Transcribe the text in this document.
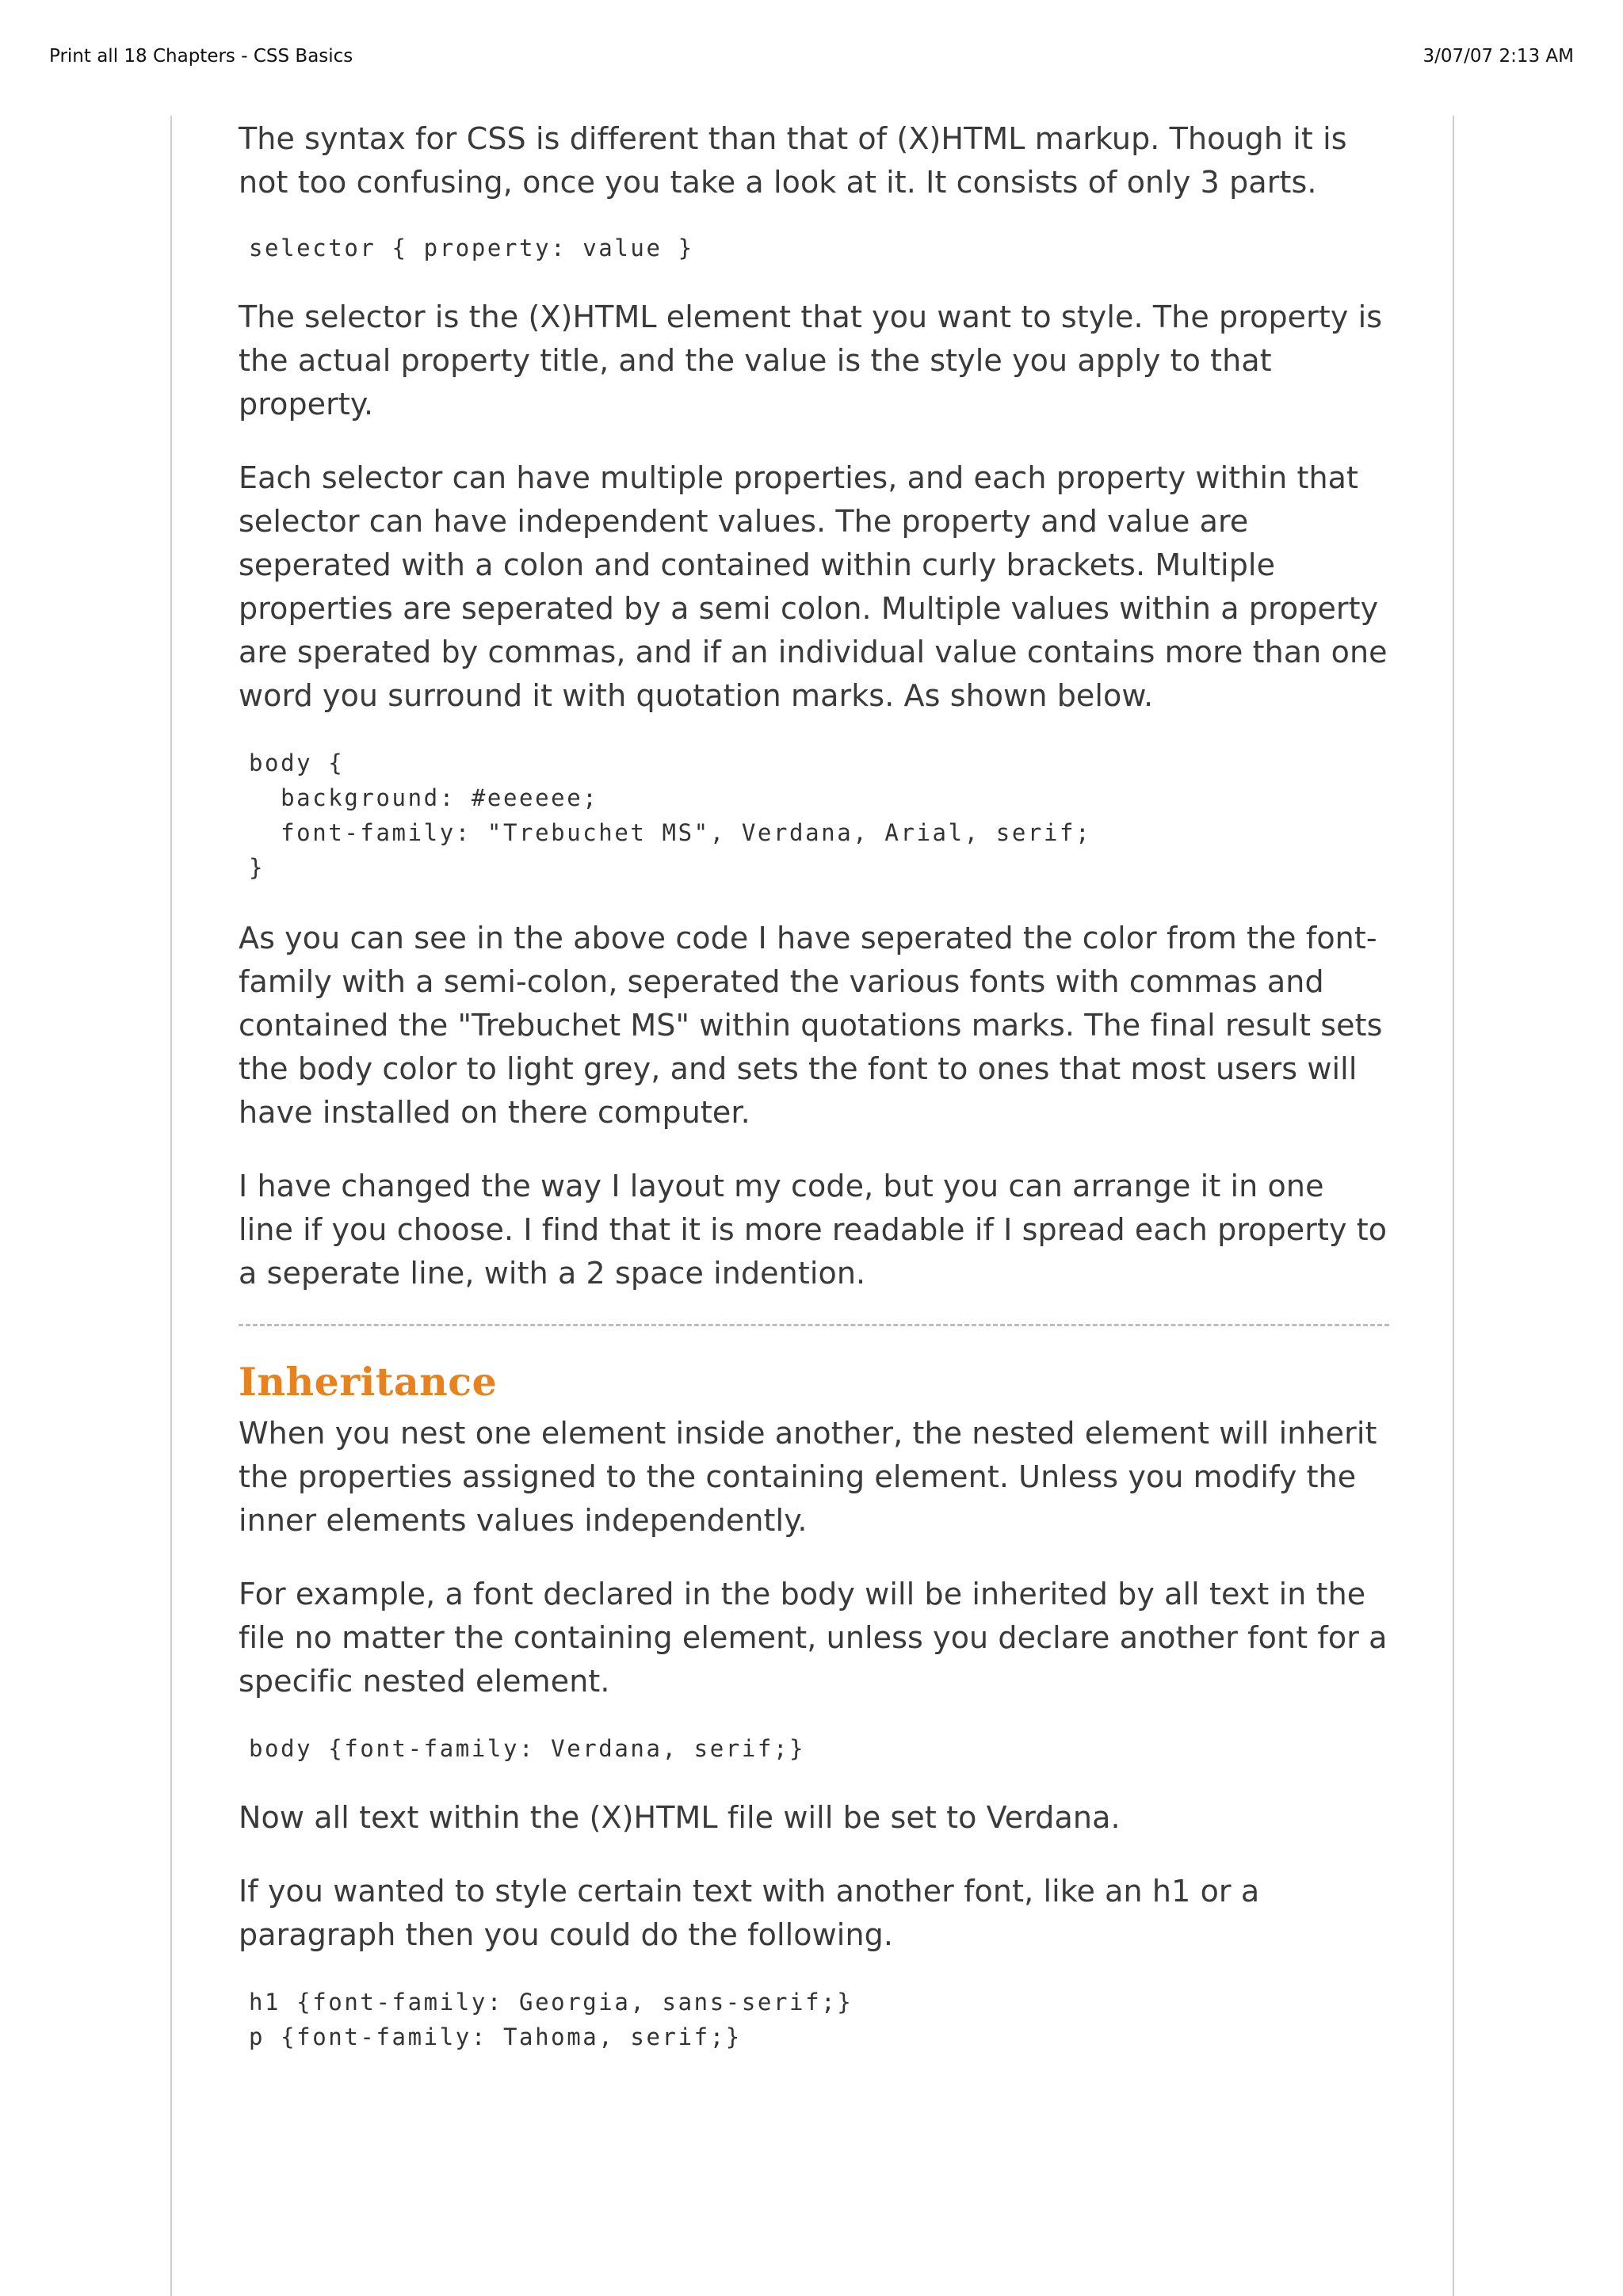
Print all 18 Chapters - CSS Basics	3/07/07 2:13 AM

The syntax for CSS is different than that of (X)HTML markup. Though it is not too confusing, once you take a look at it. It consists of only 3 parts.

selector { property: value }

The selector is the (X)HTML element that you want to style. The property is the actual property title, and the value is the style you apply to that property.

Each selector can have multiple properties, and each property within that selector can have independent values. The property and value are seperated with a colon and contained within curly brackets. Multiple properties are seperated by a semi colon. Multiple values within a property are sperated by commas, and if an individual value contains more than one word you surround it with quotation marks. As shown below.

body {
background: #eeeeee;
font-family: "Trebuchet MS", Verdana, Arial, serif;
}

As you can see in the above code I have seperated the color from the font-family with a semi-colon, seperated the various fonts with commas and contained the "Trebuchet MS" within quotations marks. The final result sets the body color to light grey, and sets the font to ones that most users will have installed on there computer.

I have changed the way I layout my code, but you can arrange it in one line if you choose. I find that it is more readable if I spread each property to a seperate line, with a 2 space indention.

Inheritance

When you nest one element inside another, the nested element will inherit the properties assigned to the containing element. Unless you modify the inner elements values independently.

For example, a font declared in the body will be inherited by all text in the file no matter the containing element, unless you declare another font for a specific nested element.

body {font-family: Verdana, serif;}

Now all text within the (X)HTML file will be set to Verdana.

If you wanted to style certain text with another font, like an h1 or a paragraph then you could do the following.

h1 {font-family: Georgia, sans-serif;}
p {font-family: Tahoma, serif;}
